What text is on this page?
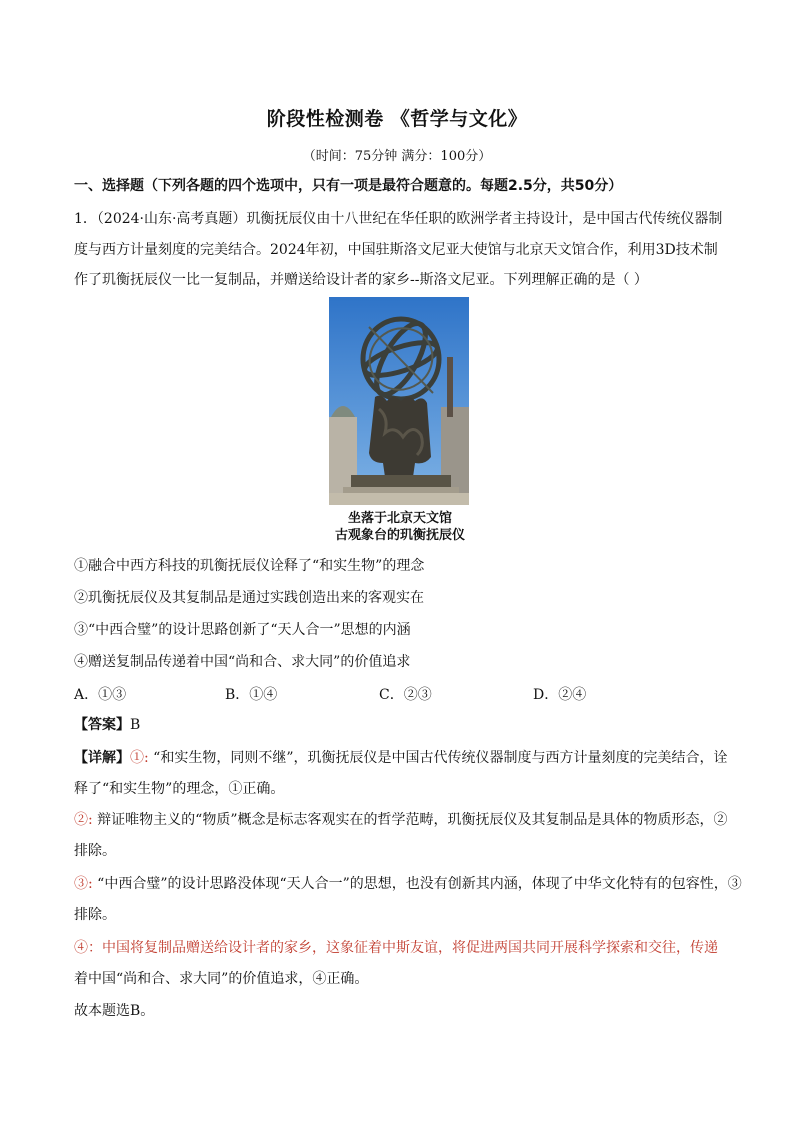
阶段性检测卷 《哲学与文化》
（时间：75分钟 满分：100分）
一、选择题（下列各题的四个选项中，只有一项是最符合题意的。每题2.5分，共50分）
1．（2024·山东·高考真题）玑衡抚辰仪由十八世纪在华任职的欧洲学者主持设计，是中国古代传统仪器制
度与西方计量刻度的完美结合。2024年初，中国驻斯洛文尼亚大使馆与北京天文馆合作，利用3D技术制
作了玑衡抚辰仪一比一复制品，并赠送给设计者的家乡--斯洛文尼亚。下列理解正确的是（ ）
坐落于北京天文馆
古观象台的玑衡抚辰仪
①融合中西方科技的玑衡抚辰仪诠释了“和实生物”的理念
②玑衡抚辰仪及其复制品是通过实践创造出来的客观实在
③“中西合璧”的设计思路创新了“天人合一”思想的内涵
④赠送复制品传递着中国“尚和合、求大同”的价值追求
A．①③	B．①④	C．②③	D．②④
【答案】B
【详解】①: “和实生物，同则不继”，玑衡抚辰仪是中国古代传统仪器制度与西方计量刻度的完美结合，诠
释了“和实生物”的理念，①正确。
②: 辩证唯物主义的“物质”概念是标志客观实在的哲学范畴，玑衡抚辰仪及其复制品是具体的物质形态，②
排除。
③: “中西合璧”的设计思路没体现“天人合一”的思想，也没有创新其内涵，体现了中华文化特有的包容性，③
排除。
④：中国将复制品赠送给设计者的家乡，这象征着中斯友谊，将促进两国共同开展科学探索和交往，传递
着中国“尚和合、求大同”的价值追求，④正确。
故本题选B。
